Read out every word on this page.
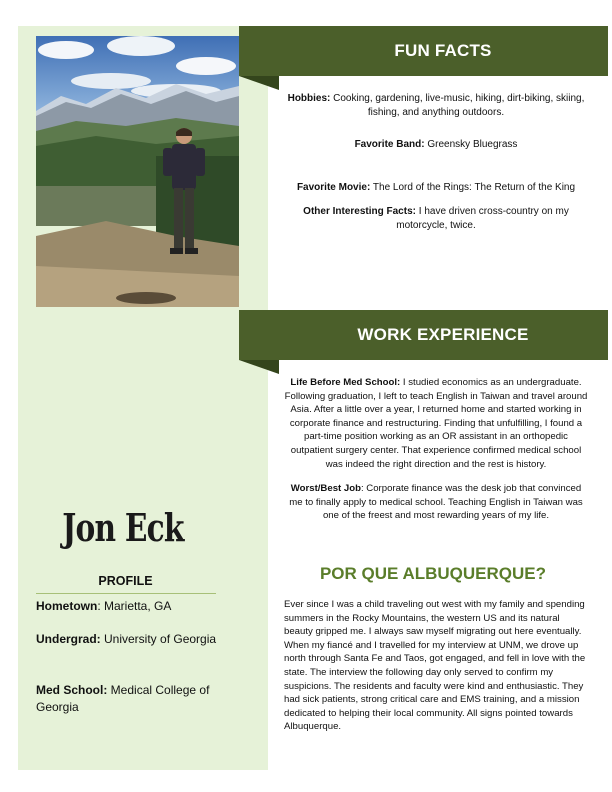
FUN FACTS

Hobbies: Cooking, gardening, live-music, hiking, dirt-biking, skiing, fishing, and anything outdoors.

Favorite Band: Greensky Bluegrass

Favorite Movie: The Lord of the Rings: The Return of the King

Other Interesting Facts: I have driven cross-country on my motorcycle, twice.

WORK EXPERIENCE

Life Before Med School: I studied economics as an undergraduate. Following graduation, I left to teach English in Taiwan and travel around Asia. After a little over a year, I returned home and started working in corporate finance and restructuring. Finding that unfulfilling, I found a part-time position working as an OR assistant in an orthopedic outpatient surgery center. That experience confirmed medical school was indeed the right direction and the rest is history.

Worst/Best Job: Corporate finance was the desk job that convinced me to finally apply to medical school. Teaching English in Taiwan was one of the freest and most rewarding years of my life.

POR QUE ALBUQUERQUE?
Ever since I was a child traveling out west with my family and spending summers in the Rocky Mountains, the western US and its natural beauty gripped me. I always saw myself migrating out here eventually. When my fiancé and I travelled for my interview at UNM, we drove up north through Santa Fe and Taos, got engaged, and fell in love with the state. The interview the following day only served to confirm my suspicions. The residents and faculty were kind and enthusiastic. They had sick patients, strong critical care and EMS training, and a mission dedicated to helping their local community. All signs pointed towards Albuquerque.
Jon Eck
PROFILE
Hometown: Marietta, GA
Undergrad: University of Georgia
Med School: Medical College of Georgia
